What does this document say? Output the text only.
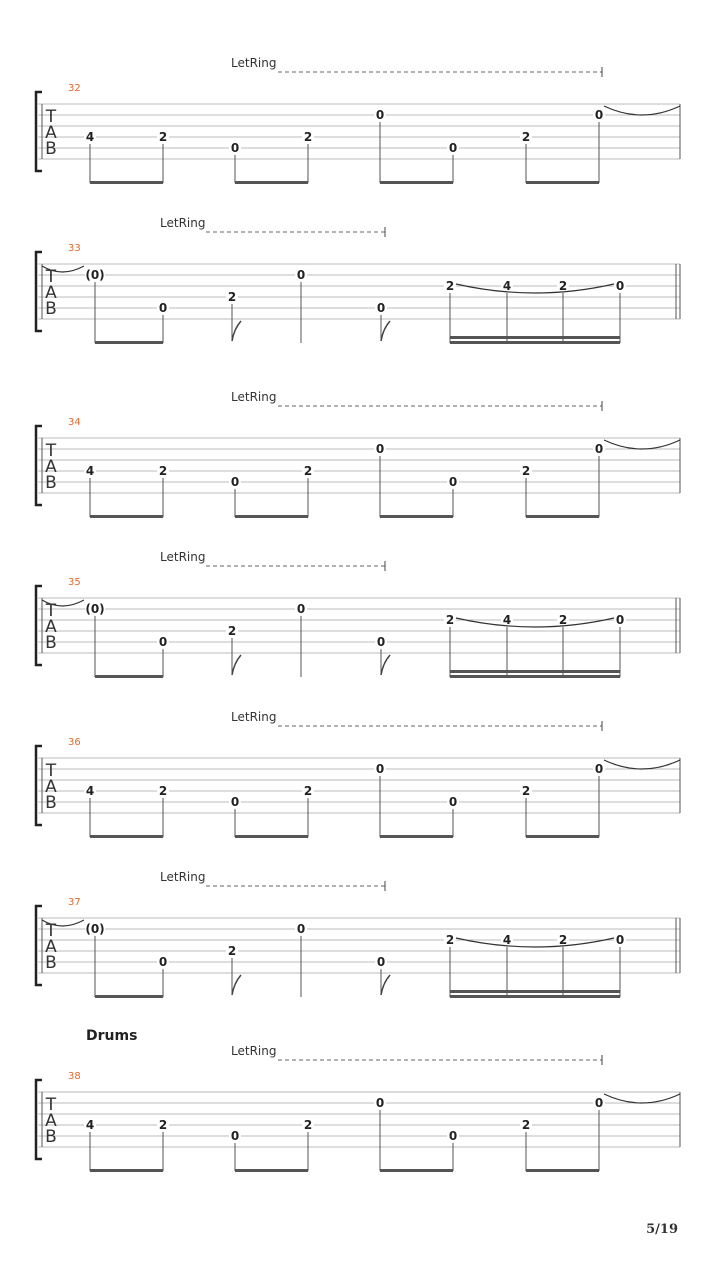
LetRing
32
T
A
B
4	2
0
2
0
0
2
0
LetRing
33
T
A
B
(0)
0
2
0
0
2	4	2	0
LetRing
34
T
A
B
4	2
0
2
0
0
2
0
LetRing
35
T
A
B
(0)
0
2
0
0
2	4	2	0
LetRing
36
T
A
B
4	2
0
2
0
0
2
0
LetRing
37
T
A
B
(0)
0
2
0
0
2	4	2	0
LetRing
38
T
A
B
4	2
0
2
0
0
2
0
Drums
5/19
